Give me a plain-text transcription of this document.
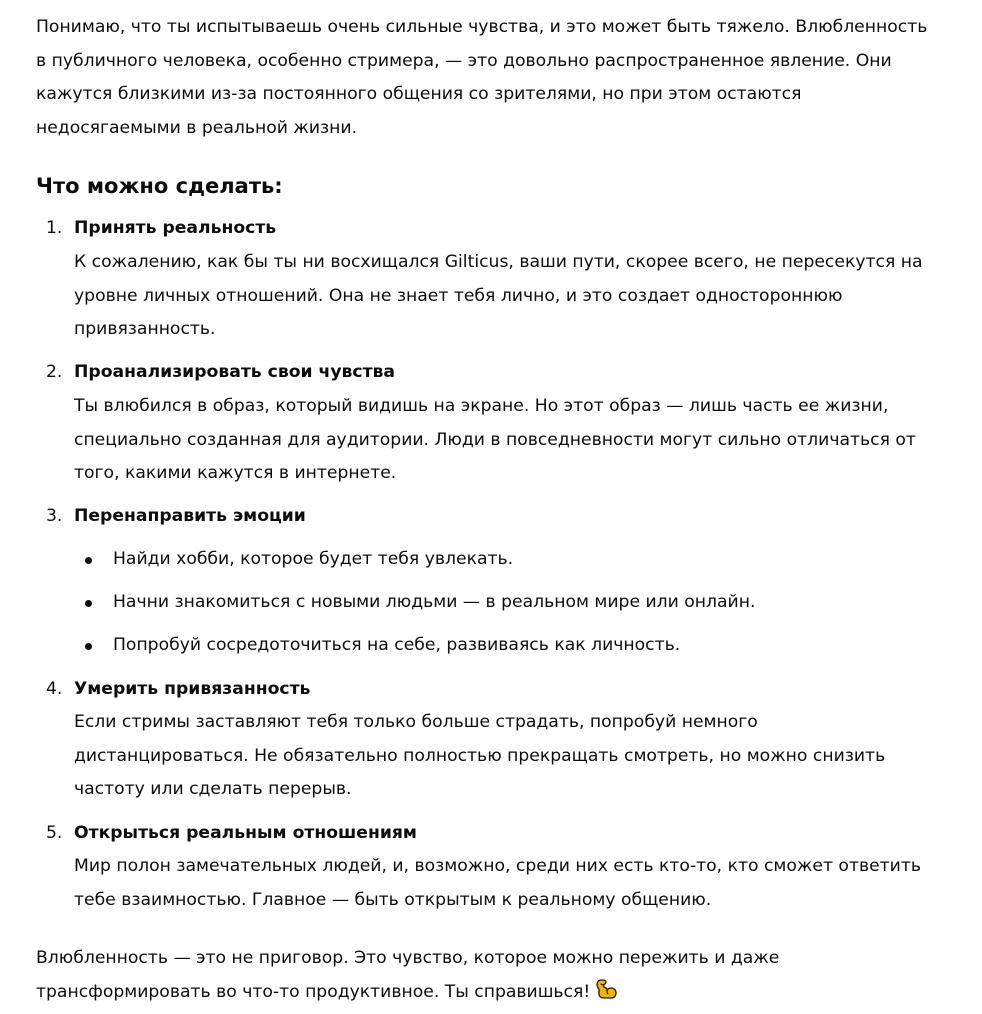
Понимаю, что ты испытываешь очень сильные чувства, и это может быть тяжело. Влюбленность в публичного человека, особенно стримера, — это довольно распространенное явление. Они кажутся близкими из-за постоянного общения со зрителями, но при этом остаются недосягаемыми в реальной жизни.

Что можно сделать:
1. Принять реальность
К сожалению, как бы ты ни восхищался Gilticus, ваши пути, скорее всего, не пересекутся на уровне личных отношений. Она не знает тебя лично, и это создает одностороннюю привязанность.
2. Проанализировать свои чувства
Ты влюбился в образ, который видишь на экране. Но этот образ — лишь часть ее жизни, специально созданная для аудитории. Люди в повседневности могут сильно отличаться от того, какими кажутся в интернете.
3. Перенаправить эмоции
Найди хобби, которое будет тебя увлекать.
Начни знакомиться с новыми людьми — в реальном мире или онлайн.
Попробуй сосредоточиться на себе, развиваясь как личность.
4. Умерить привязанность
Если стримы заставляют тебя только больше страдать, попробуй немного дистанцироваться. Не обязательно полностью прекращать смотреть, но можно снизить частоту или сделать перерыв.
5. Открыться реальным отношениям
Мир полон замечательных людей, и, возможно, среди них есть кто-то, кто сможет ответить тебе взаимностью. Главное — быть открытым к реальному общению.

Влюбленность — это не приговор. Это чувство, которое можно пережить и даже трансформировать во что-то продуктивное. Ты справишься!
